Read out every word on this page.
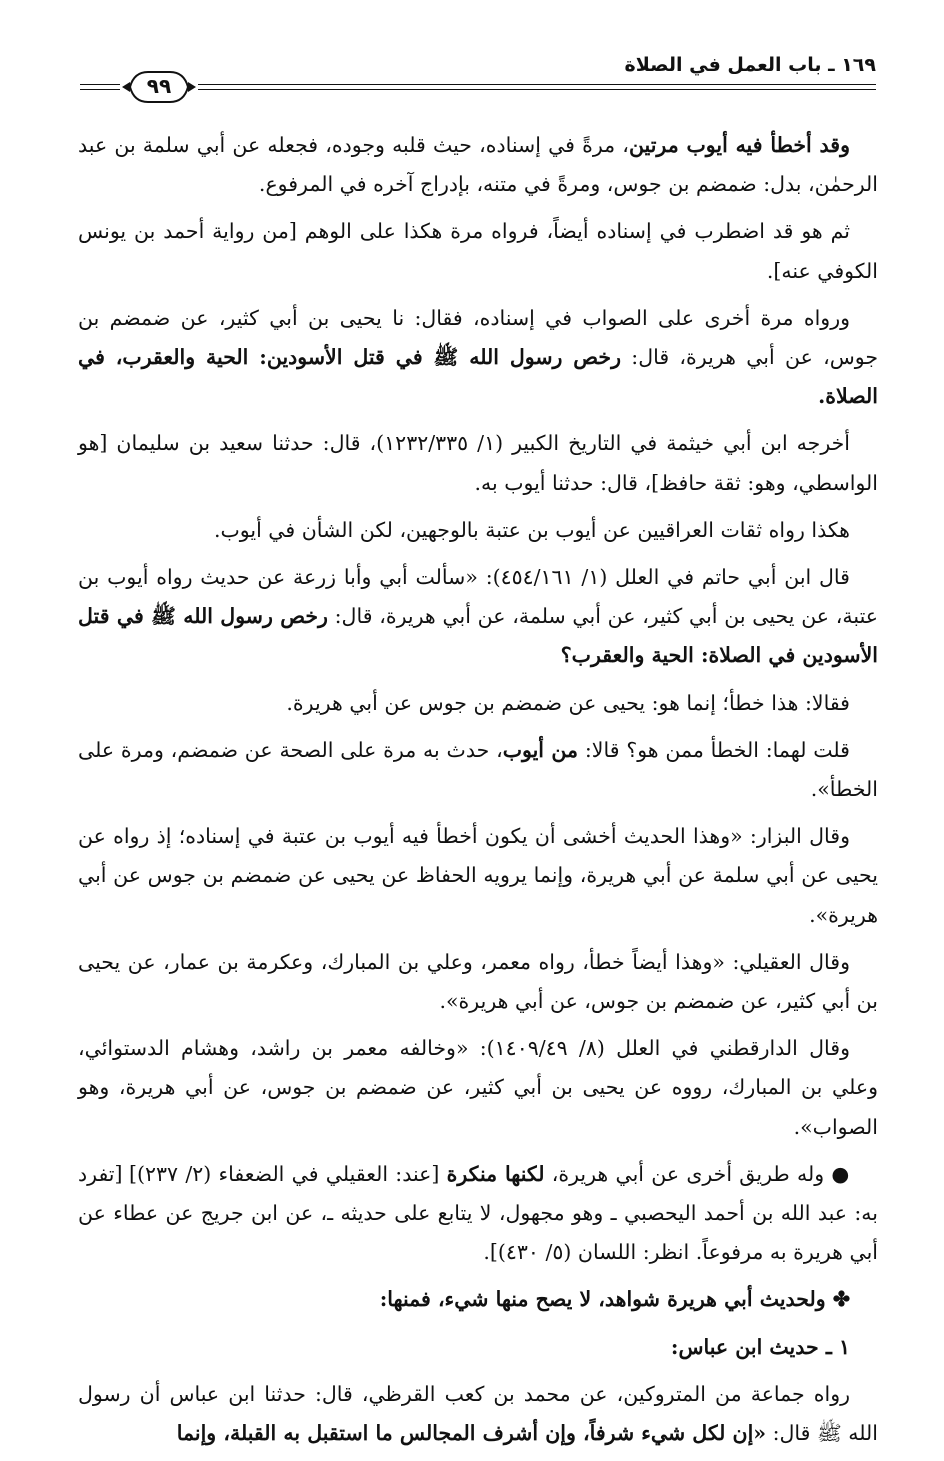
١٦٩ ـ باب العمل في الصلاة
٩٩

وقد أخطأ فيه أيوب مرتين، مرةً في إسناده، حيث قلبه وجوده، فجعله عن أبي سلمة بن عبد الرحمٰن، بدل: ضمضم بن جوس، ومرةً في متنه، بإدراج آخره في المرفوع.

ثم هو قد اضطرب في إسناده أيضاً، فرواه مرة هكذا على الوهم [من رواية أحمد بن يونس الكوفي عنه].

ورواه مرة أخرى على الصواب في إسناده، فقال: نا يحيى بن أبي كثير، عن ضمضم بن جوس، عن أبي هريرة، قال: رخص رسول الله ﷺ في قتل الأسودين: الحية والعقرب، في الصلاة.

أخرجه ابن أبي خيثمة في التاريخ الكبير (١/ ١٢٣٢/٣٣٥)، قال: حدثنا سعيد بن سليمان [هو الواسطي، وهو: ثقة حافظ]، قال: حدثنا أيوب به.

هكذا رواه ثقات العراقيين عن أيوب بن عتبة بالوجهين، لكن الشأن في أيوب.

قال ابن أبي حاتم في العلل (١/ ٤٥٤/١٦١): «سألت أبي وأبا زرعة عن حديث رواه أيوب بن عتبة، عن يحيى بن أبي كثير، عن أبي سلمة، عن أبي هريرة، قال: رخص رسول الله ﷺ في قتل الأسودين في الصلاة: الحية والعقرب؟

فقالا: هذا خطأ؛ إنما هو: يحيى عن ضمضم بن جوس عن أبي هريرة.

قلت لهما: الخطأ ممن هو؟ قالا: من أيوب، حدث به مرة على الصحة عن ضمضم، ومرة على الخطأ».

وقال البزار: «وهذا الحديث أخشى أن يكون أخطأ فيه أيوب بن عتبة في إسناده؛ إذ رواه عن يحيى عن أبي سلمة عن أبي هريرة، وإنما يرويه الحفاظ عن يحيى عن ضمضم بن جوس عن أبي هريرة».

وقال العقيلي: «وهذا أيضاً خطأ، رواه معمر، وعلي بن المبارك، وعكرمة بن عمار، عن يحيى بن أبي كثير، عن ضمضم بن جوس، عن أبي هريرة».

وقال الدارقطني في العلل (٨/ ١٤٠٩/٤٩): «وخالفه معمر بن راشد، وهشام الدستوائي، وعلي بن المبارك، رووه عن يحيى بن أبي كثير، عن ضمضم بن جوس، عن أبي هريرة، وهو الصواب».

● وله طريق أخرى عن أبي هريرة، لكنها منكرة [عند: العقيلي في الضعفاء (٢/ ٢٣٧)] [تفرد به: عبد الله بن أحمد اليحصبي ـ وهو مجهول، لا يتابع على حديثه ـ، عن ابن جريج عن عطاء عن أبي هريرة به مرفوعاً. انظر: اللسان (٥/ ٤٣٠)].

✤ ولحديث أبي هريرة شواهد، لا يصح منها شيء، فمنها:

١ ـ حديث ابن عباس:

رواه جماعة من المتروكين، عن محمد بن كعب القرظي، قال: حدثنا ابن عباس أن رسول الله ﷺ قال: «إن لكل شيء شرفاً، وإن أشرف المجالس ما استقبل به القبلة، وإنما
